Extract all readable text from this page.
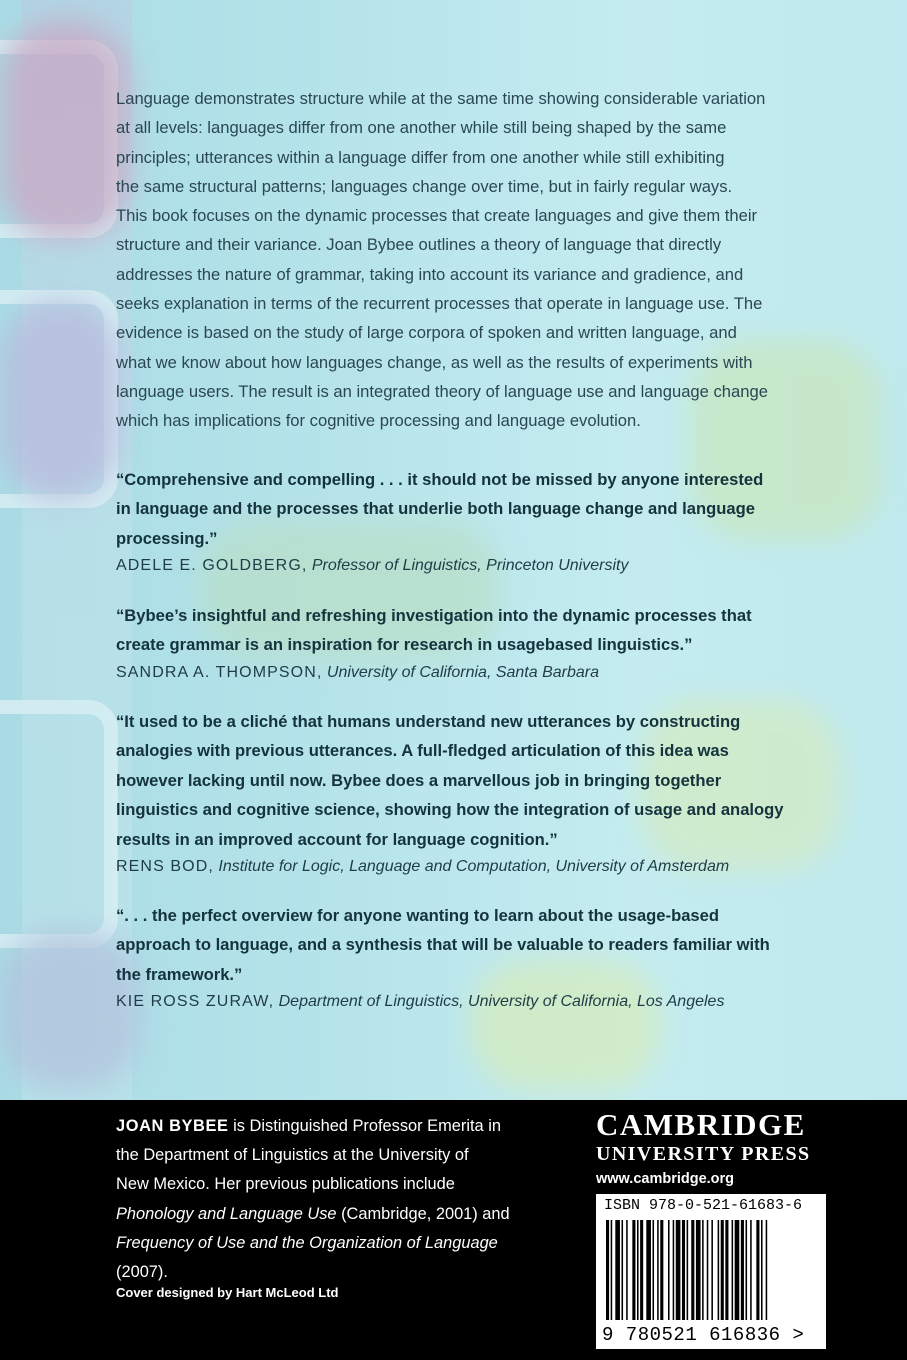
Language demonstrates structure while at the same time showing considerable variation
at all levels: languages differ from one another while still being shaped by the same
principles; utterances within a language differ from one another while still exhibiting
the same structural patterns; languages change over time, but in fairly regular ways.
This book focuses on the dynamic processes that create languages and give them their
structure and their variance. Joan Bybee outlines a theory of language that directly
addresses the nature of grammar, taking into account its variance and gradience, and
seeks explanation in terms of the recurrent processes that operate in language use. The
evidence is based on the study of large corpora of spoken and written language, and
what we know about how languages change, as well as the results of experiments with
language users. The result is an integrated theory of language use and language change
which has implications for cognitive processing and language evolution.
“Comprehensive and compelling . . . it should not be missed by anyone interested
in language and the processes that underlie both language change and language
processing.”
ADELE E. GOLDBERG, Professor of Linguistics, Princeton University
“Bybee’s insightful and refreshing investigation into the dynamic processes that
create grammar is an inspiration for research in usagebased linguistics.”
SANDRA A. THOMPSON, University of California, Santa Barbara
“It used to be a cliché that humans understand new utterances by constructing
analogies with previous utterances. A full-fledged articulation of this idea was
however lacking until now. Bybee does a marvellous job in bringing together
linguistics and cognitive science, showing how the integration of usage and analogy
results in an improved account for language cognition.”
RENS BOD, Institute for Logic, Language and Computation, University of Amsterdam
“. . . the perfect overview for anyone wanting to learn about the usage-based
approach to language, and a synthesis that will be valuable to readers familiar with
the framework.”
KIE ROSS ZURAW, Department of Linguistics, University of California, Los Angeles
JOAN BYBEE is Distinguished Professor Emerita in
the Department of Linguistics at the University of
New Mexico. Her previous publications include
Phonology and Language Use (Cambridge, 2001) and
Frequency of Use and the Organization of Language (2007).
Cover designed by Hart McLeod Ltd
CAMBRIDGE
UNIVERSITY PRESS
www.cambridge.org
ISBN 978-0-521-61683-6
9 780521 616836 >
